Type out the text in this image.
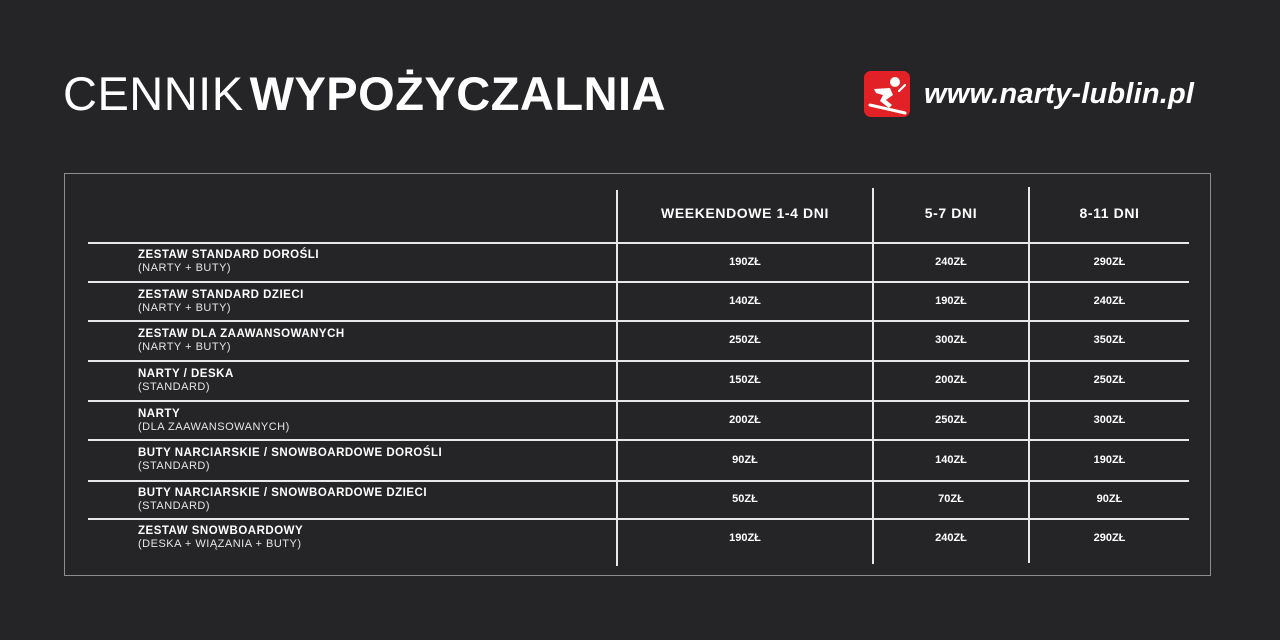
CENNIK WYPOŻYCZALNIA	www.narty-lublin.pl
WEEKENDOWE 1-4 DNI	5-7 DNI	8-11 DNI
ZESTAW STANDARD DOROŚLI
(NARTY + BUTY)	190ZŁ	240ZŁ	290ZŁ
ZESTAW STANDARD DZIECI
(NARTY + BUTY)
140ZŁ	190ZŁ	240ZŁ
ZESTAW DLA ZAAWANSOWANYCH
(NARTY + BUTY)
250ZŁ	300ZŁ	350ZŁ
NARTY / DESKA
(STANDARD)
150ZŁ	200ZŁ	250ZŁ
NARTY
(DLA ZAAWANSOWANYCH)
200ZŁ	250ZŁ	300ZŁ
BUTY NARCIARSKIE / SNOWBOARDOWE DOROŚLI
(STANDARD)	90ZŁ	140ZŁ	190ZŁ
BUTY NARCIARSKIE / SNOWBOARDOWE DZIECI
(STANDARD)
50ZŁ	70ZŁ	90ZŁ
ZESTAW SNOWBOARDOWY
(DESKA + WIĄZANIA + BUTY)	190ZŁ	240ZŁ	290ZŁ
